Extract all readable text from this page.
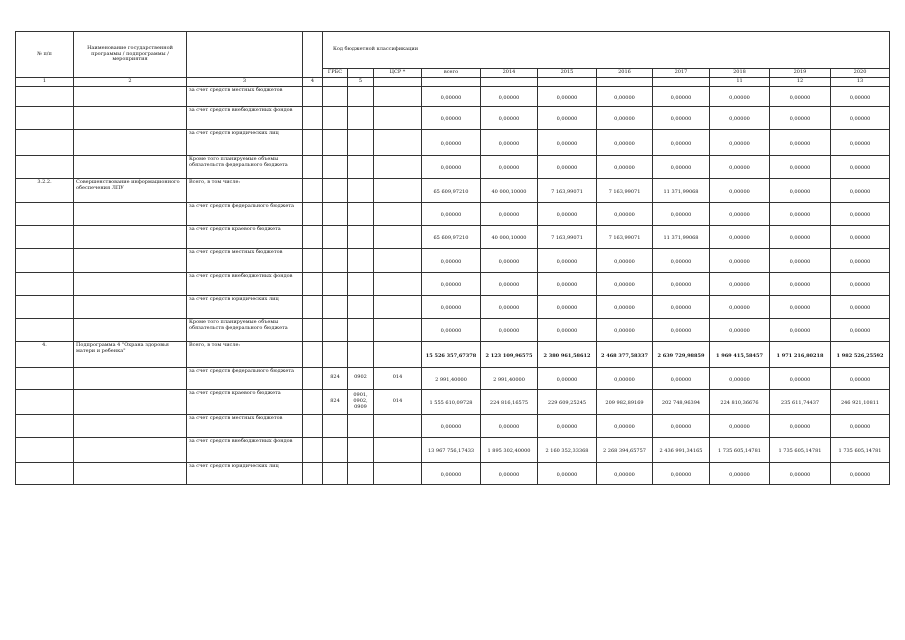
№ п/п	Наименование государственной программы / подпрограммы / мероприятия			Код бюджетной классификации										
				ГРБС		ЦСР *	всего	2014	2015	2016	2017	2018	2019	2020
1	2	3	4		5							11	12	13
		за счет средств местных бюджетов					0,00000	0,00000	0,00000	0,00000	0,00000	0,00000	0,00000	0,00000
		за счет средств внебюджетных фондов					0,00000	0,00000	0,00000	0,00000	0,00000	0,00000	0,00000	0,00000
		за счет средств юридических лиц					0,00000	0,00000	0,00000	0,00000	0,00000	0,00000	0,00000	0,00000
		Кроме того планируемые объемы обязательств федерального бюджета					0,00000	0,00000	0,00000	0,00000	0,00000	0,00000	0,00000	0,00000
3.2.2.	Совершенствование информационного обеспечения ЛПУ	Всего, в том числе:					65 609,97210	40 000,10000	7 163,99071	7 163,99071	11 371,99068	0,00000	0,00000	0,00000
		за счет средств федерального бюджета					0,00000	0,00000	0,00000	0,00000	0,00000	0,00000	0,00000	0,00000
		за счет средств краевого бюджета					65 609,97210	40 000,10000	7 163,99071	7 163,99071	11 371,99068	0,00000	0,00000	0,00000
		за счет средств местных бюджетов					0,00000	0,00000	0,00000	0,00000	0,00000	0,00000	0,00000	0,00000
		за счет средств внебюджетных фондов					0,00000	0,00000	0,00000	0,00000	0,00000	0,00000	0,00000	0,00000
		за счет средств юридических лиц					0,00000	0,00000	0,00000	0,00000	0,00000	0,00000	0,00000	0,00000
		Кроме того планируемые объемы обязательств федерального бюджета					0,00000	0,00000	0,00000	0,00000	0,00000	0,00000	0,00000	0,00000
4.	Подпрограмма 4 "Охрана здоровья матери и ребенка"	Всего, в том числе:					15 526 357,67378	2 123 109,96575	2 380 961,58612	2 468 377,58337	2 639 729,98859	1 969 415,58457	1 971 216,80218	1 982 526,25592
		за счет средств федерального бюджета		824	0902	014	2 991,40000	2 991,40000	0,00000	0,00000	0,00000	0,00000	0,00000	0,00000
		за счет средств краевого бюджета		824	0901, 0902, 0909	014	1 555 610,09728	224 816,16575	229 609,25245	209 982,89169	202 748,96394	224 810,36676	235 611,74437	246 921,10811
		за счет средств местных бюджетов					0,00000	0,00000	0,00000	0,00000	0,00000	0,00000	0,00000	0,00000
		за счет средств внебюджетных фондов					13 967 756,17433	1 895 302,40000	2 160 352,33368	2 268 394,65757	2 436 991,34165	1 735 605,14781	1 735 605,14781	1 735 605,14781
		за счет средств юридических лиц					0,00000	0,00000	0,00000	0,00000	0,00000	0,00000	0,00000	0,00000
